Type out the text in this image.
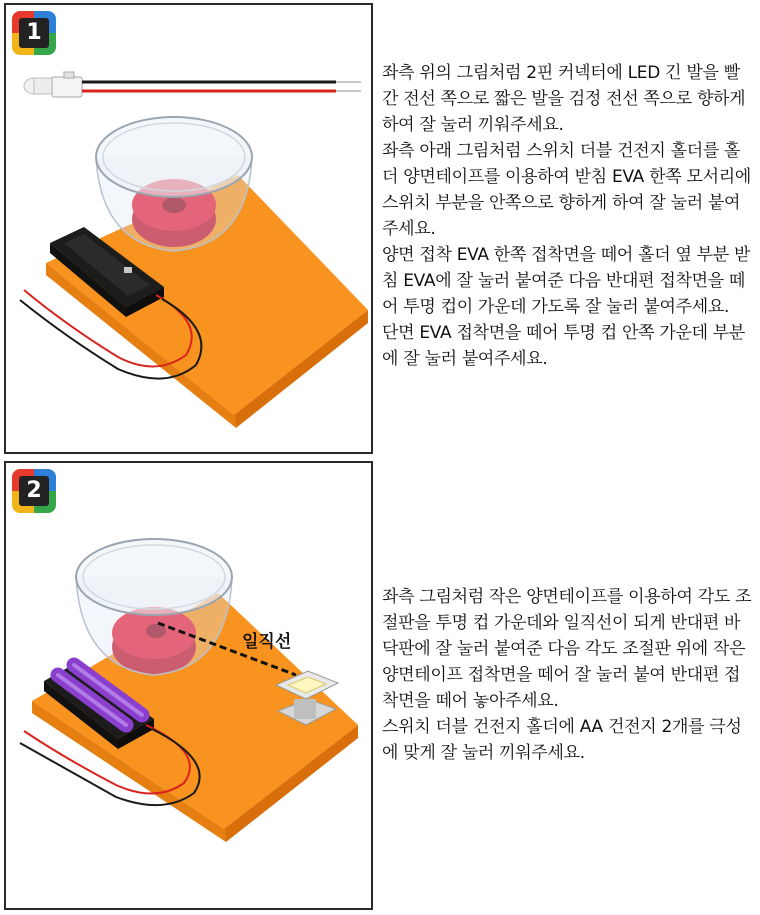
1

좌측 위의 그림처럼 2핀 커넥터에 LED 긴 발을 빨간 전선 쪽으로 짧은 발을 검정 전선 쪽으로 향하게 하여 잘 눌러 끼워주세요.

좌측 아래 그림처럼 스위치 더블 건전지 홀더를 홀더 양면테이프를 이용하여 받침 EVA 한쪽 모서리에 스위치 부분을 안쪽으로 향하게 하여 잘 눌러 붙여주세요.

양면 접착 EVA 한쪽 접착면을 떼어 홀더 옆 부분 받침 EVA에 잘 눌러 붙여준 다음 반대편 접착면을 떼어 투명 컵이 가운데 가도록 잘 눌러 붙여주세요.

단면 EVA 접착면을 떼어 투명 컵 안쪽 가운데 부분에 잘 눌러 붙여주세요.

일직선
2

좌측 그림처럼 작은 양면테이프를 이용하여 각도 조절판을 투명 컵 가운데와 일직선이 되게 반대편 바닥판에 잘 눌러 붙여준 다음 각도 조절판 위에 작은 양면테이프 접착면을 떼어 잘 눌러 붙여 반대편 접착면을 떼어 놓아주세요.

스위치 더블 건전지 홀더에 AA 건전지 2개를 극성에 맞게 잘 눌러 끼워주세요.
